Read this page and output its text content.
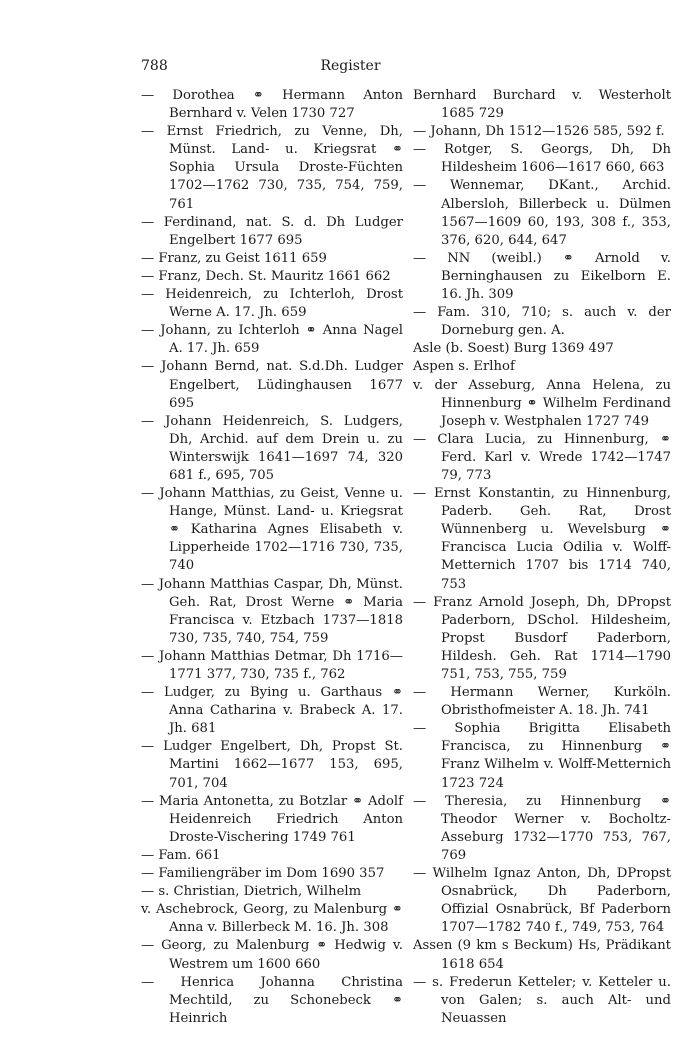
788	Register

— Dorothea ⚭ Hermann Anton Bernhard v. Velen 1730 727

— Ernst Friedrich, zu Venne, Dh, Münst. Land- u. Kriegsrat ⚭ Sophia Ursula Droste-Füchten 1702—1762 730, 735, 754, 759, 761

— Ferdinand, nat. S. d. Dh Ludger Engelbert 1677 695

— Franz, zu Geist 1611 659

— Franz, Dech. St. Mauritz 1661 662

— Heidenreich, zu Ichterloh, Drost Werne A. 17. Jh. 659

— Johann, zu Ichterloh ⚭ Anna Nagel A. 17. Jh. 659

— Johann Bernd, nat. S.d.Dh. Ludger Engelbert, Lüdinghausen 1677 695

— Johann Heidenreich, S. Ludgers, Dh, Archid. auf dem Drein u. zu Winterswijk 1641—1697 74, 320 681 f., 695, 705

— Johann Matthias, zu Geist, Venne u. Hange, Münst. Land- u. Kriegsrat ⚭ Katharina Agnes Elisabeth v. Lipperheide 1702—1716 730, 735, 740

— Johann Matthias Caspar, Dh, Münst. Geh. Rat, Drost Werne ⚭ Maria Francisca v. Etzbach 1737—1818 730, 735, 740, 754, 759

— Johann Matthias Detmar, Dh 1716—1771 377, 730, 735 f., 762

— Ludger, zu Bying u. Garthaus ⚭ Anna Catharina v. Brabeck A. 17. Jh. 681

— Ludger Engelbert, Dh, Propst St. Martini 1662—1677 153, 695, 701, 704

— Maria Antonetta, zu Botzlar ⚭ Adolf Heidenreich Friedrich Anton Droste-Vischering 1749 761

— Fam. 661

— Familiengräber im Dom 1690 357

— s. Christian, Dietrich, Wilhelm

v. Aschebrock, Georg, zu Malenburg ⚭ Anna v. Billerbeck M. 16. Jh. 308

— Georg, zu Malenburg ⚭ Hedwig v. Westrem um 1600 660

— Henrica Johanna Christina Mechtild, zu Schonebeck ⚭ Heinrich

Bernhard Burchard v. Westerholt 1685 729

— Johann, Dh 1512—1526 585, 592 f.

— Rotger, S. Georgs, Dh, Dh Hildesheim 1606—1617 660, 663

— Wennemar, DKant., Archid. Albersloh, Billerbeck u. Dülmen 1567—1609 60, 193, 308 f., 353, 376, 620, 644, 647

— NN (weibl.) ⚭ Arnold v. Berninghausen zu Eikelborn E. 16. Jh. 309

— Fam. 310, 710; s. auch v. der Dorneburg gen. A.

Asle (b. Soest) Burg 1369 497

Aspen s. Erlhof

v. der Asseburg, Anna Helena, zu Hinnenburg ⚭ Wilhelm Ferdinand Joseph v. Westphalen 1727 749

— Clara Lucia, zu Hinnenburg, ⚭ Ferd. Karl v. Wrede 1742—1747 79, 773

— Ernst Konstantin, zu Hinnenburg, Paderb. Geh. Rat, Drost Wünnenberg u. Wevelsburg ⚭ Francisca Lucia Odilia v. Wolff-Metternich 1707 bis 1714 740, 753

— Franz Arnold Joseph, Dh, DPropst Paderborn, DSchol. Hildesheim, Propst Busdorf Paderborn, Hildesh. Geh. Rat 1714—1790 751, 753, 755, 759

— Hermann Werner, Kurköln. Obristhofmeister A. 18. Jh. 741

— Sophia Brigitta Elisabeth Francisca, zu Hinnenburg ⚭ Franz Wilhelm v. Wolff-Metternich 1723 724

— Theresia, zu Hinnenburg ⚭ Theodor Werner v. Bocholtz-Asseburg 1732—1770 753, 767, 769

— Wilhelm Ignaz Anton, Dh, DPropst Osnabrück, Dh Paderborn, Offizial Osnabrück, Bf Paderborn 1707—1782 740 f., 749, 753, 764

Assen (9 km s Beckum) Hs, Prädikant 1618 654

— s. Frederun Ketteler; v. Ketteler u. von Galen; s. auch Alt- und Neuassen
